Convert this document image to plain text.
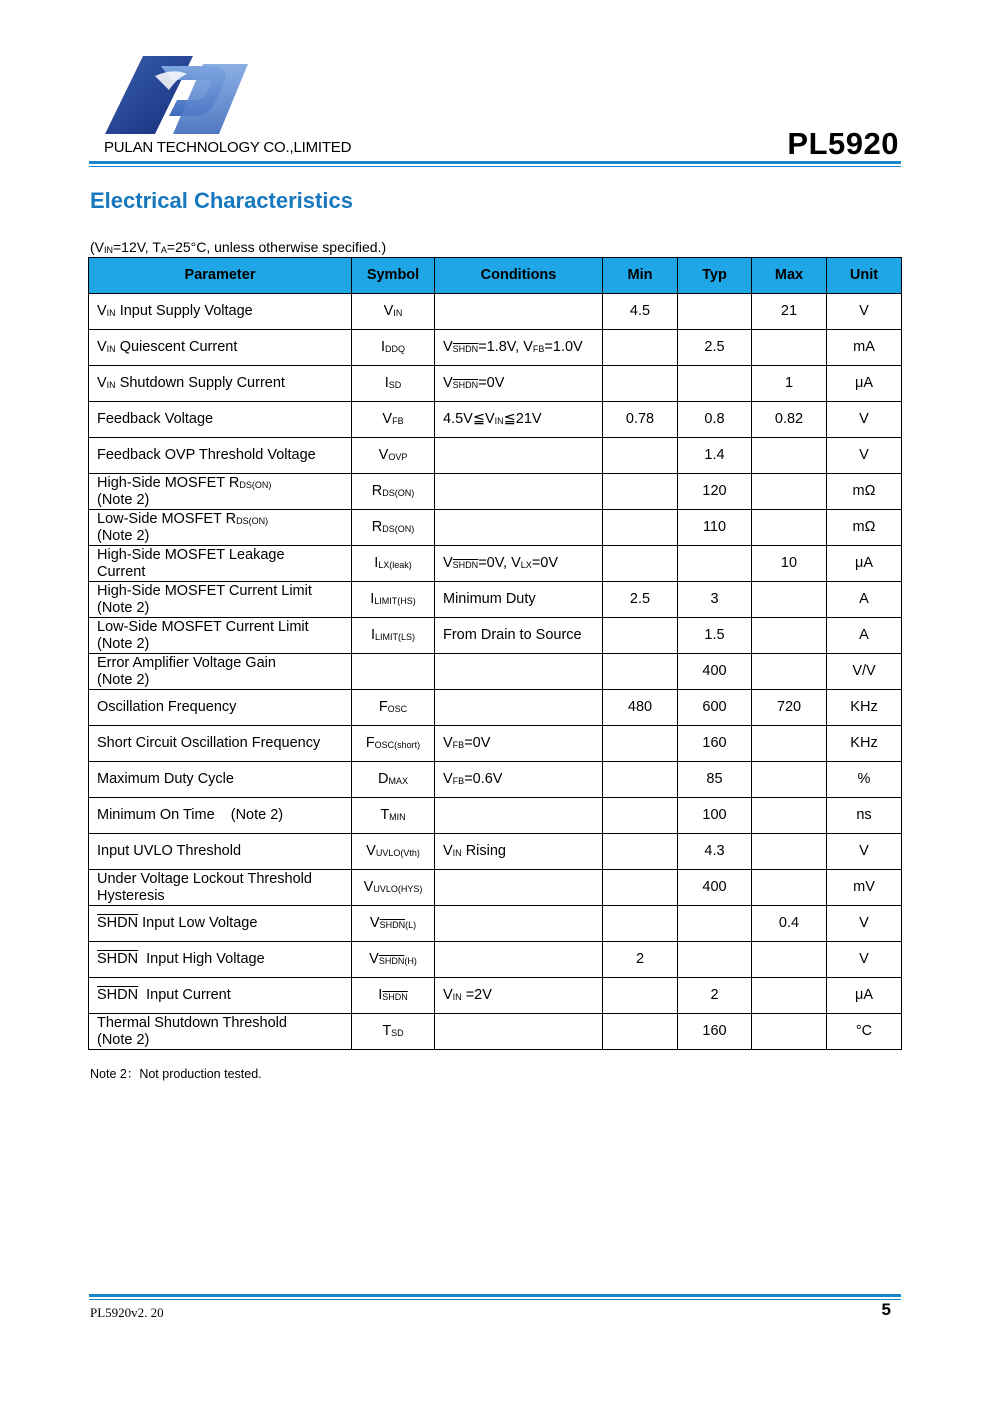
PULAN TECHNOLOGY CO.,LIMITED	PL5920
Electrical Characteristics
($V_{IN}=12V$, $T_A=25^\circ C$, unless otherwise specified.)
Parameter	Symbol	Conditions	Min	Typ	Max	Unit
$V_{IN}$ Input Supply Voltage	$V_{IN}$		4.5		21	V
$V_{IN}$ Quiescent Current	$I_{DDQ}$	$V_{SHDN}=1.8V$, $V_{FB}=1.0V$		2.5		mA
$V_{IN}$ Shutdown Supply Current	$I_{SD}$	$V_{SHDN}=0V$			1	μA
Feedback Voltage	$V_{FB}$	$4.5V≦V_{IN}≦21V$	0.78	0.8	0.82	V
Feedback OVP Threshold Voltage	$V_{OVP}$			1.4		V
High-Side MOSFET $R_{DS(ON)}$
(Note 2)	$R_{DS(ON)}$			120		mΩ
Low-Side MOSFET $R_{DS(ON)}$
(Note 2)	$R_{DS(ON)}$			110		mΩ
High-Side MOSFET Leakage
Current	$I_{LX(leak)}$	$V_{SHDN}=0V$, $V_{LX}=0V$			10	μA
High-Side MOSFET Current Limit
(Note 2)	$I_{LIMIT(HS)}$	Minimum Duty	2.5	3		A
Low-Side MOSFET Current Limit
(Note 2)	$I_{LIMIT(LS)}$	From Drain to Source		1.5		A
Error Amplifier Voltage Gain
(Note 2)				400		V/V
Oscillation Frequency	$F_{OSC}$		480	600	720	KHz
Short Circuit Oscillation Frequency	$F_{OSC(short)}$	$V_{FB}=0V$		160		KHz
Maximum Duty Cycle	$D_{MAX}$	$V_{FB}=0.6V$		85		%
Minimum On Time    (Note 2)	$T_{MIN}$			100		ns
Input UVLO Threshold	$V_{UVLO(Vth)}$	$V_{IN}$ Rising		4.3		V
Under Voltage Lockout Threshold
Hysteresis	$V_{UVLO(HYS)}$			400		mV
SHDN Input Low Voltage	$V_{SHDN(L)}$				0.4	V
SHDN  Input High Voltage	$V_{SHDN(H)}$		2			V
SHDN  Input Current	$I_{SHDN}$	$V_{IN} =2V$		2		μA
Thermal Shutdown Threshold
(Note 2)	$T_{SD}$			160		°C
Note 2：Not production tested.
PL5920v2. 20	5
